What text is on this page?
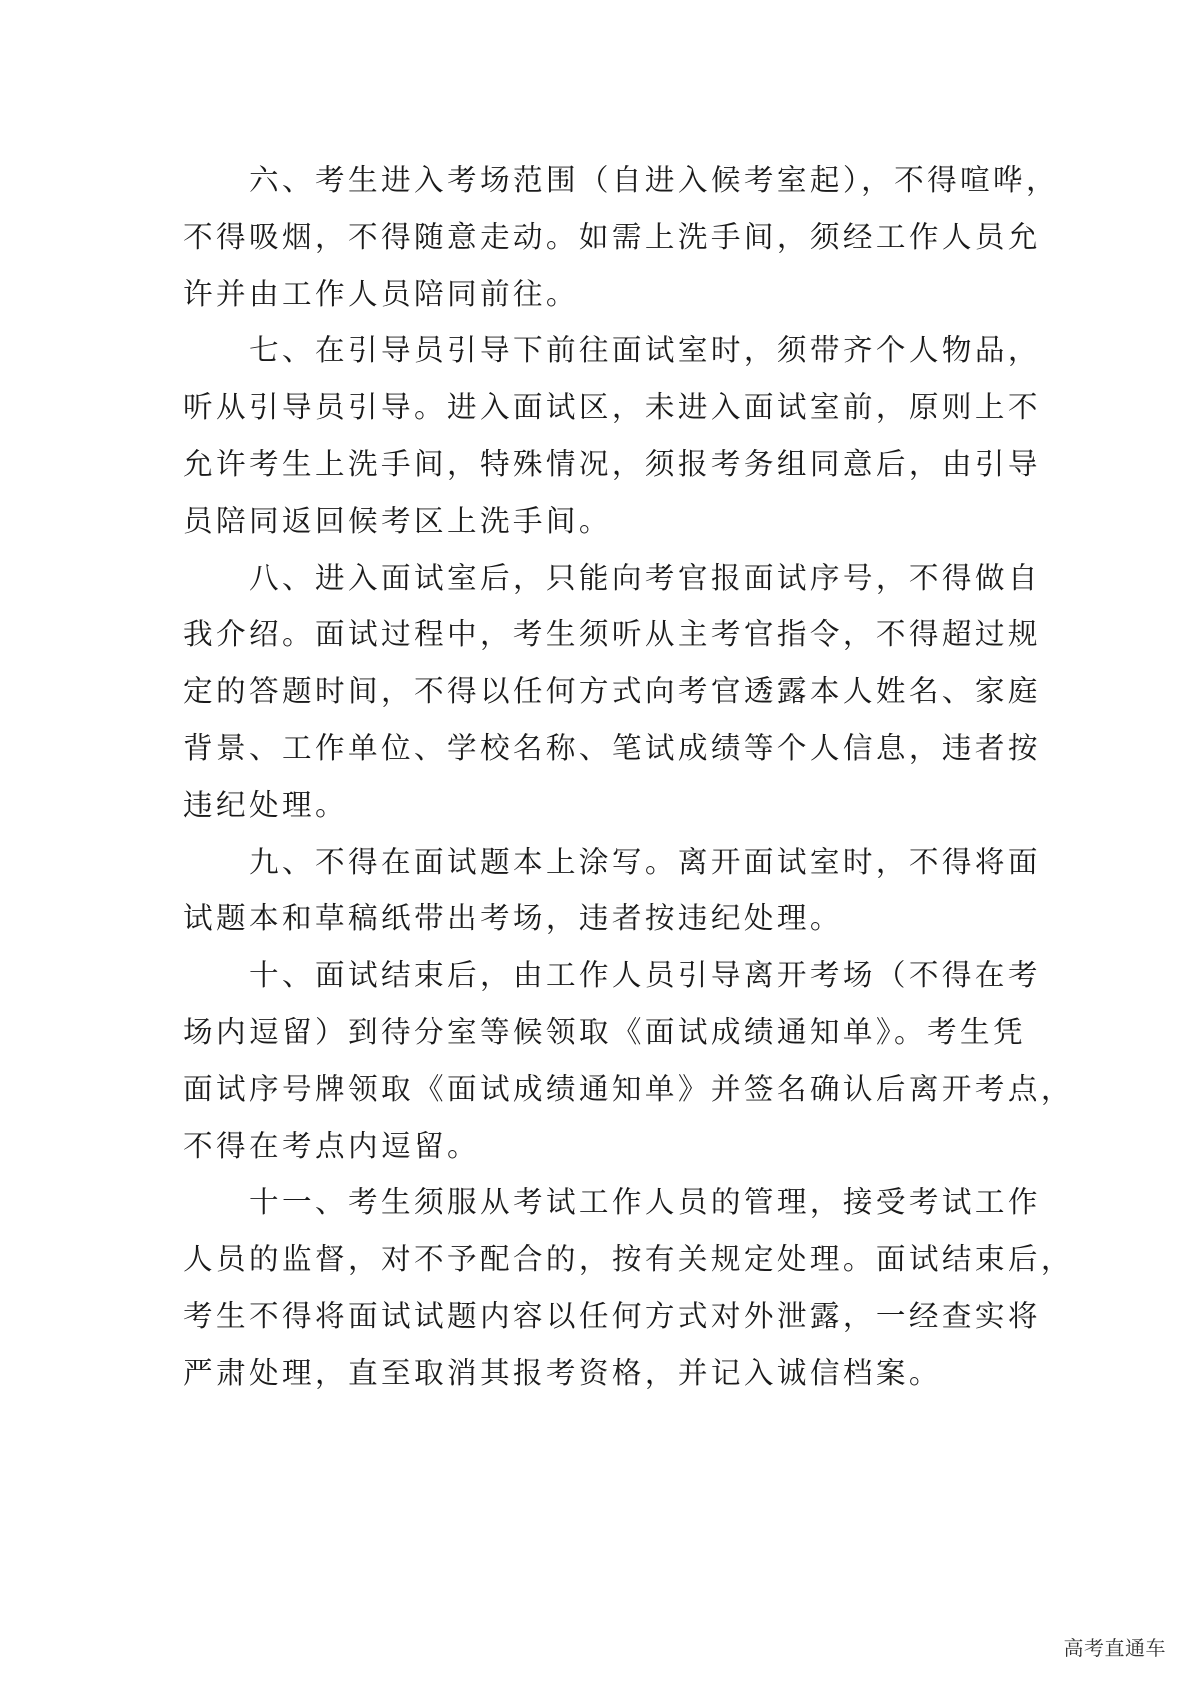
六、考生进入考场范围（自进入候考室起），不得喧哗，
不得吸烟，不得随意走动。如需上洗手间，须经工作人员允
许并由工作人员陪同前往。
七、在引导员引导下前往面试室时，须带齐个人物品，
听从引导员引导。进入面试区，未进入面试室前，原则上不
允许考生上洗手间，特殊情况，须报考务组同意后，由引导
员陪同返回候考区上洗手间。
八、进入面试室后，只能向考官报面试序号，不得做自
我介绍。面试过程中，考生须听从主考官指令，不得超过规
定的答题时间，不得以任何方式向考官透露本人姓名、家庭
背景、工作单位、学校名称、笔试成绩等个人信息，违者按
违纪处理。
九、不得在面试题本上涂写。离开面试室时，不得将面
试题本和草稿纸带出考场，违者按违纪处理。
十、面试结束后，由工作人员引导离开考场（不得在考
场内逗留）到待分室等候领取《面试成绩通知单》。考生凭
面试序号牌领取《面试成绩通知单》并签名确认后离开考点，
不得在考点内逗留。
十一、考生须服从考试工作人员的管理，接受考试工作
人员的监督，对不予配合的，按有关规定处理。面试结束后，
考生不得将面试试题内容以任何方式对外泄露，一经查实将
严肃处理，直至取消其报考资格，并记入诚信档案。
高考直通车
